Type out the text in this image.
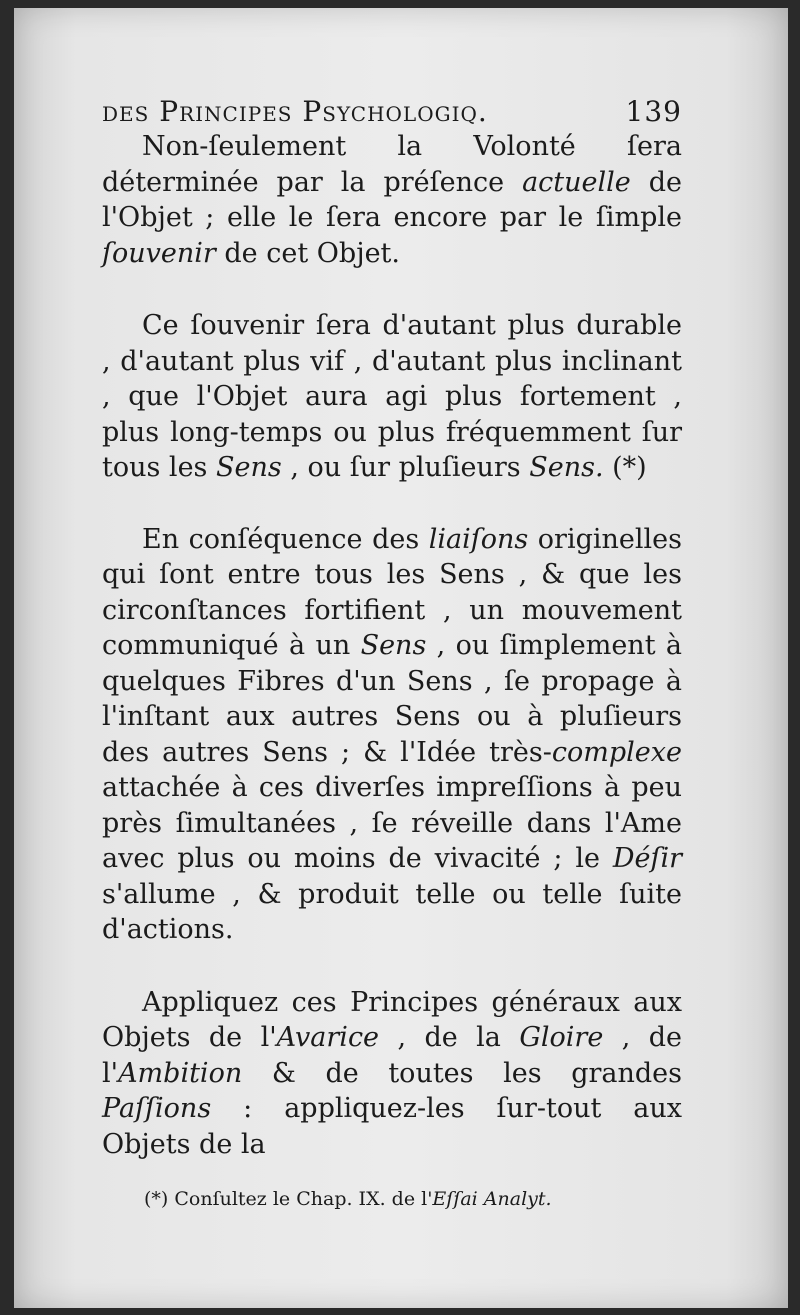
des Principes Psychologiq.	139

Non-ſeulement la Volonté ſera déterminée par la préſence actuelle de l'Objet ; elle le ſera encore par le ſimple ſouvenir de cet Objet.

Ce ſouvenir ſera d'autant plus durable , d'autant plus vif , d'autant plus inclinant , que l'Objet aura agi plus fortement , plus long-temps ou plus fréquemment ſur tous les Sens , ou ſur pluſieurs Sens. (*)

En conſéquence des liaiſons originelles qui ſont entre tous les Sens , & que les circonſtances fortifient , un mouvement communiqué à un Sens , ou ſimplement à quelques Fibres d'un Sens , ſe propage à l'inſtant aux autres Sens ou à pluſieurs des autres Sens ; & l'Idée très-complexe attachée à ces diverſes impreſſions à peu près ſimultanées , ſe réveille dans l'Ame avec plus ou moins de vivacité ; le Déſir s'allume , & produit telle ou telle ſuite d'actions.

Appliquez ces Principes généraux aux Objets de l'Avarice , de la Gloire , de l'Ambition & de toutes les grandes Paſſions : appliquez-les ſur-tout aux Objets de la

(*) Conſultez le Chap. IX. de l'Eſſai Analyt.
